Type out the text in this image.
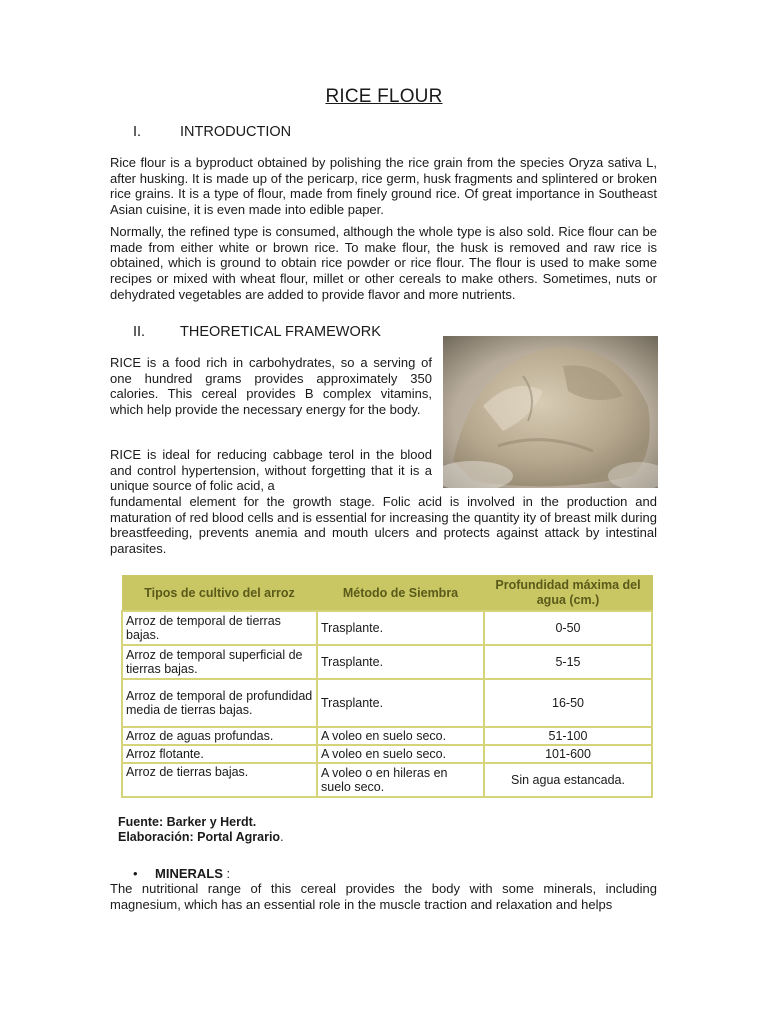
RICE FLOUR
I.	INTRODUCTION

Rice flour is a byproduct obtained by polishing the rice grain from the species Oryza sativa L, after husking. It is made up of the pericarp, rice germ, husk fragments and splintered or broken rice grains. It is a type of flour, made from finely ground rice. Of great importance in Southeast Asian cuisine, it is even made into edible paper.

Normally, the refined type is consumed, although the whole type is also sold. Rice flour can be made from either white or brown rice. To make flour, the husk is removed and raw rice is obtained, which is ground to obtain rice powder or rice flour. The flour is used to make some recipes or mixed with wheat flour, millet or other cereals to make others. Sometimes, nuts or dehydrated vegetables are added to provide flavor and more nutrients.

II. THEORETICAL FRAMEWORK

RICE is a food rich in carbohydrates, so a serving of one hundred grams provides approximately 350 calories. This cereal provides B complex vitamins, which help provide the necessary energy for the body.

RICE is ideal for reducing cabbage terol in the blood and control hypertension, without forgetting that it is a unique source of folic acid, a

fundamental element for the growth stage. Folic acid is involved in the production and maturation of red blood cells and is essential for increasing the quantity ity of breast milk during breastfeeding, prevents anemia and mouth ulcers and protects against attack by intestinal parasites.

Tipos de cultivo del arroz	Método de Siembra	Profundidad máxima del agua (cm.)
Arroz de temporal de tierras bajas.	Trasplante.	0-50
Arroz de temporal superficial de tierras bajas.	Trasplante.	5-15
Arroz de temporal de profundidad media de tierras bajas.	Trasplante.	16-50
Arroz de aguas profundas.	A voleo en suelo seco.	51-100
Arroz flotante.	A voleo en suelo seco.	101-600
Arroz de tierras bajas.	A voleo o en hileras en suelo seco.	Sin agua estancada.
Fuente: Barker y Herdt.
Elaboración: Portal Agrario.
• MINERALS :

The nutritional range of this cereal provides the body with some minerals, including magnesium, which has an essential role in the muscle traction and relaxation and helps
